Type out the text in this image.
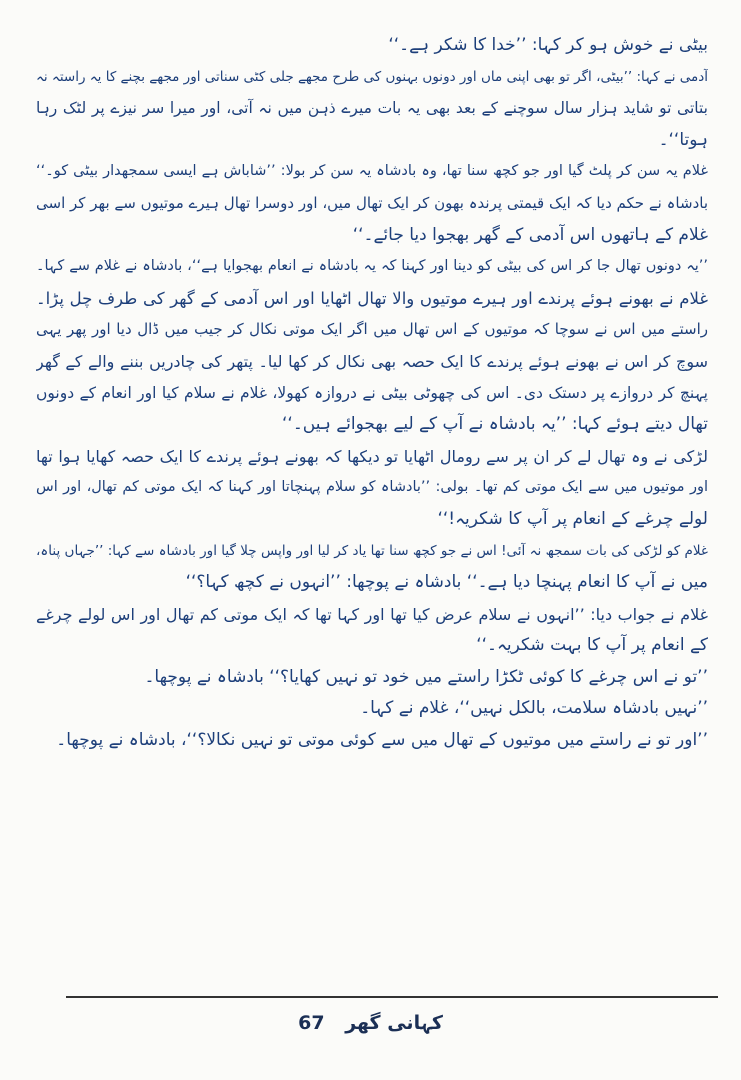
بیٹی نے خوش ہو کر کہا: ’’خدا کا شکر ہے۔‘‘
آدمی نے کہا: ’’بیٹی، اگر تو بھی اپنی ماں اور دونوں بہنوں کی طرح مجھے جلی کٹی سناتی اور مجھے بچنے کا یہ راستہ نہ
بتاتی تو شاید ہزار سال سوچنے کے بعد بھی یہ بات میرے ذہن میں نہ آتی، اور میرا سر نیزے پر لٹک رہا
ہوتا‘‘۔
غلام یہ سن کر پلٹ گیا اور جو کچھ سنا تھا، وہ بادشاہ یہ سن کر بولا: ’’شاباش ہے ایسی سمجھدار بیٹی کو۔‘‘
بادشاہ نے حکم دیا کہ ایک قیمتی پرندہ بھون کر ایک تھال میں، اور دوسرا تھال ہیرے موتیوں سے بھر کر اسی
غلام کے ہاتھوں اس آدمی کے گھر بھجوا دیا جائے۔‘‘
’’یہ دونوں تھال جا کر اس کی بیٹی کو دینا اور کہنا کہ یہ بادشاہ نے انعام بھجوایا ہے‘‘، بادشاہ نے غلام سے کہا۔
غلام نے بھونے ہوئے پرندے اور ہیرے موتیوں والا تھال اٹھایا اور اس آدمی کے گھر کی طرف چل پڑا۔
راستے میں اس نے سوچا کہ موتیوں کے اس تھال میں اگر ایک موتی نکال کر جیب میں ڈال دیا اور پھر یہی
سوچ کر اس نے بھونے ہوئے پرندے کا ایک حصہ بھی نکال کر کھا لیا۔ پتھر کی چادریں بننے والے کے گھر
پہنچ کر دروازے پر دستک دی۔ اس کی چھوٹی بیٹی نے دروازہ کھولا، غلام نے سلام کیا اور انعام کے دونوں
تھال دیتے ہوئے کہا: ’’یہ بادشاہ نے آپ کے لیے بھجوائے ہیں۔‘‘
لڑکی نے وہ تھال لے کر ان پر سے رومال اٹھایا تو دیکھا کہ بھونے ہوئے پرندے کا ایک حصہ کھایا ہوا تھا
اور موتیوں میں سے ایک موتی کم تھا۔ بولی: ’’بادشاہ کو سلام پہنچاتا اور کہنا کہ ایک موتی کم تھال، اور اس
لولے چرغے کے انعام پر آپ کا شکریہ!‘‘
غلام کو لڑکی کی بات سمجھ نہ آئی! اس نے جو کچھ سنا تھا یاد کر لیا اور واپس چلا گیا اور بادشاہ سے کہا: ’’جہاں پناہ،
میں نے آپ کا انعام پہنچا دیا ہے۔‘‘ بادشاہ نے پوچھا: ’’انہوں نے کچھ کہا؟‘‘
غلام نے جواب دیا: ’’انہوں نے سلام عرض کیا تھا اور کہا تھا کہ ایک موتی کم تھال اور اس لولے چرغے
کے انعام پر آپ کا بہت شکریہ۔‘‘
’’تو نے اس چرغے کا کوئی ٹکڑا راستے میں خود تو نہیں کھایا؟‘‘ بادشاہ نے پوچھا۔
’’نہیں بادشاہ سلامت، بالکل نہیں‘‘، غلام نے کہا۔
’’اور تو نے راستے میں موتیوں کے تھال میں سے کوئی موتی تو نہیں نکالا؟‘‘، بادشاہ نے پوچھا۔
67 کہانی گھر
